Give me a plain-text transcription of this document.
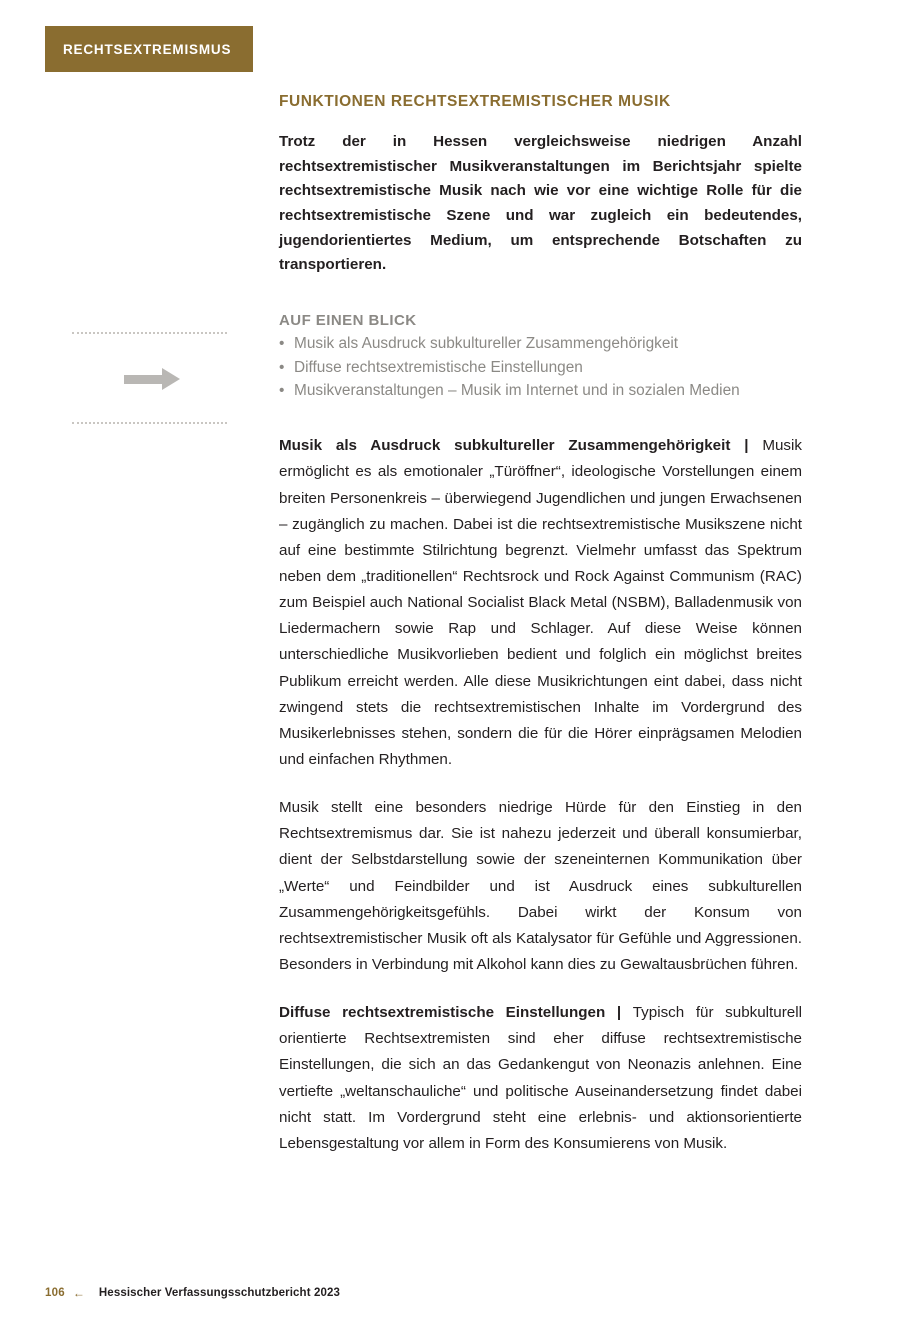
RECHTSEXTREMISMUS
FUNKTIONEN RECHTSEXTREMISTISCHER MUSIK

Trotz der in Hessen vergleichsweise niedrigen Anzahl rechtsextremistischer Musikveranstaltungen im Berichtsjahr spielte rechtsextremistische Musik nach wie vor eine wichtige Rolle für die rechtsextremistische Szene und war zugleich ein bedeutendes, jugendorientiertes Medium, um entsprechende Botschaften zu transportieren.

AUF EINEN BLICK
• Musik als Ausdruck subkultureller Zusammengehörigkeit
• Diffuse rechtsextremistische Einstellungen
• Musikveranstaltungen – Musik im Internet und in sozialen Medien

Musik als Ausdruck subkultureller Zusammengehörigkeit | Musik ermöglicht es als emotionaler „Türöffner“, ideologische Vorstellungen einem breiten Personenkreis – überwiegend Jugendlichen und jungen Erwachsenen – zugänglich zu machen. Dabei ist die rechtsextremistische Musikszene nicht auf eine bestimmte Stilrichtung begrenzt. Vielmehr umfasst das Spektrum neben dem „traditionellen“ Rechtsrock und Rock Against Communism (RAC) zum Beispiel auch National Socialist Black Metal (NSBM), Balladenmusik von Liedermachern sowie Rap und Schlager. Auf diese Weise können unterschiedliche Musikvorlieben bedient und folglich ein möglichst breites Publikum erreicht werden. Alle diese Musikrichtungen eint dabei, dass nicht zwingend stets die rechtsextremistischen Inhalte im Vordergrund des Musikerlebnisses stehen, sondern die für die Hörer einprägsamen Melodien und einfachen Rhythmen.

Musik stellt eine besonders niedrige Hürde für den Einstieg in den Rechtsextremismus dar. Sie ist nahezu jederzeit und überall konsumierbar, dient der Selbstdarstellung sowie der szeneinternen Kommunikation über „Werte“ und Feindbilder und ist Ausdruck eines subkulturellen Zusammengehörigkeitsgefühls. Dabei wirkt der Konsum von rechtsextremistischer Musik oft als Katalysator für Gefühle und Aggressionen. Besonders in Verbindung mit Alkohol kann dies zu Gewaltausbrüchen führen.

Diffuse rechtsextremistische Einstellungen | Typisch für subkulturell orientierte Rechtsextremisten sind eher diffuse rechtsextremistische Einstellungen, die sich an das Gedankengut von Neonazis anlehnen. Eine vertiefte „weltanschauliche“ und politische Auseinandersetzung findet dabei nicht statt. Im Vordergrund steht eine erlebnis- und aktionsorientierte Lebensgestaltung vor allem in Form des Konsumierens von Musik.

106 ← Hessischer Verfassungsschutzbericht 2023
